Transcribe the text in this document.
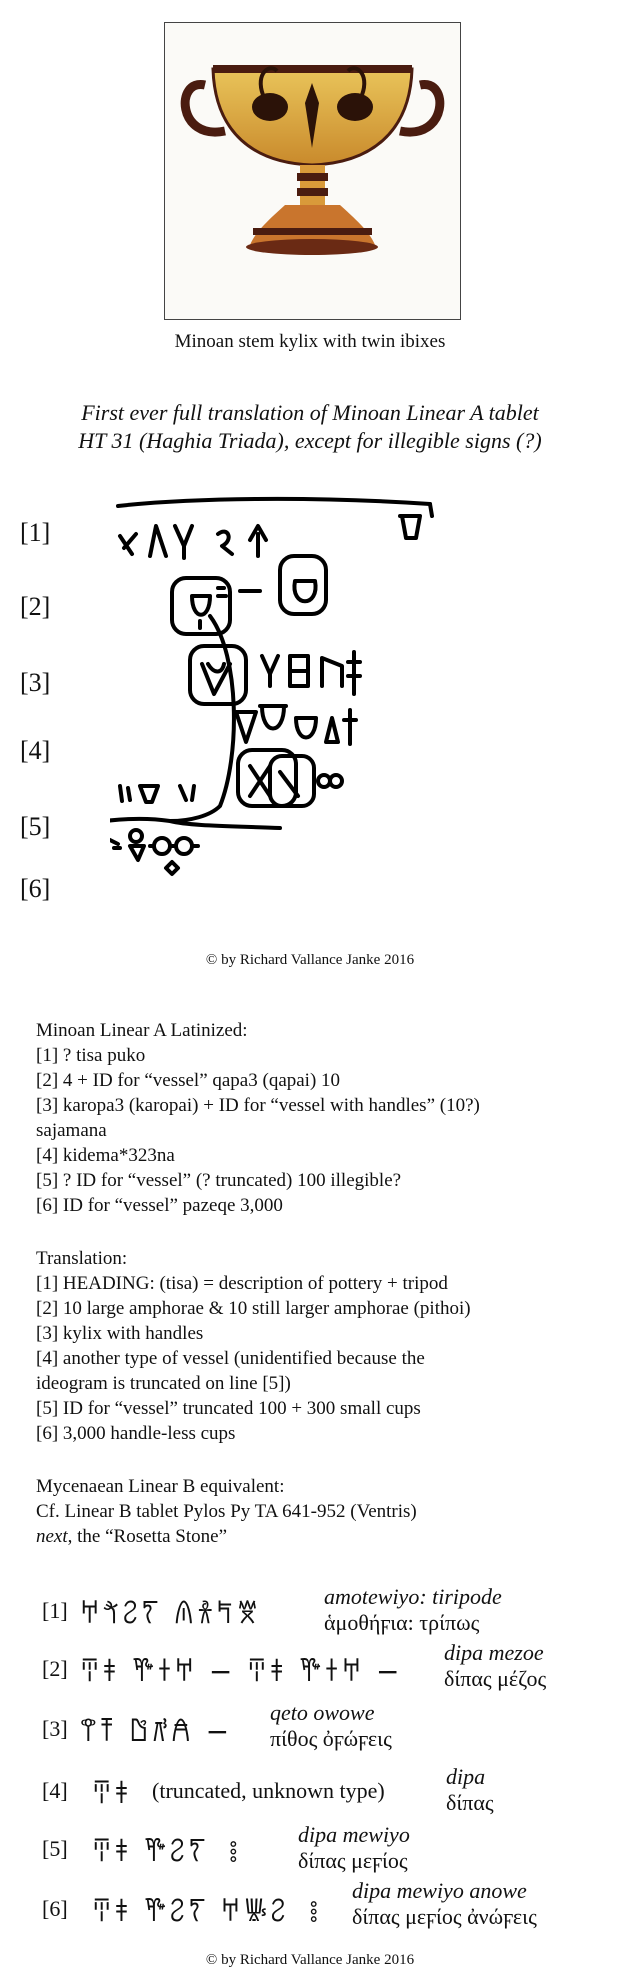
Minoan stem kylix with twin ibixes
First ever full translation of Minoan Linear A tablet
HT 31 (Haghia Triada), except for illegible signs (?)
[1]
[2]
[3]
[4]
[5]
[6]
© by Richard Vallance Janke 2016
Minoan Linear A Latinized:
[1] ? tisa puko
[2] 4 + ID for “vessel” qapa3 (qapai) 10
[3] karopa3 (karopai) + ID for “vessel with handles” (10?)
sajamana
[4] kidema*323na
[5] ? ID for “vessel” (? truncated) 100 illegible?
[6] ID for “vessel” pazeqe 3,000
Translation:
[1] HEADING: (tisa) = description of pottery + tripod
[2] 10 large amphorae & 10 still larger amphorae (pithoi)
[3] kylix with handles
[4] another type of vessel (unidentified because the
ideogram is truncated on line [5])
[5] ID for “vessel” truncated 100 + 300 small cups
[6] 3,000 handle-less cups
Mycenaean Linear B equivalent:
Cf. Linear B tablet Pylos Py TA 641-952 (Ventris)
next, the “Rosetta Stone”
[1] 𐀀𐀗𐀸𐀍 𐀴𐀪𐀡𐀆
amotewiyo: tiripode
ἁμοθήϝια: τρίπως
[2] 𐀇𐀞 𐀕𐀫𐀀 − 𐀇𐀞 𐀕𐀫𐀀 −
dipa mezoe
δίπας μέζος
[3] 𐀣𐀵 𐀃𐀺𐀁 −
qeto owowe
πίθος ὀϝώϝεις
[4] 𐀇𐀞 (truncated, unknown type)
dipa
δίπας
[5] 𐀇𐀞 𐀕𐀸𐀍 𐄛
dipa mewiyo
δίπας μεϝίος
[6] 𐀇𐀞 𐀕𐀸𐀍 𐀀𐀜𐀸 𐄛
dipa mewiyo anowe
δίπας μεϝίος ἀνώϝεις
© by Richard Vallance Janke 2016
